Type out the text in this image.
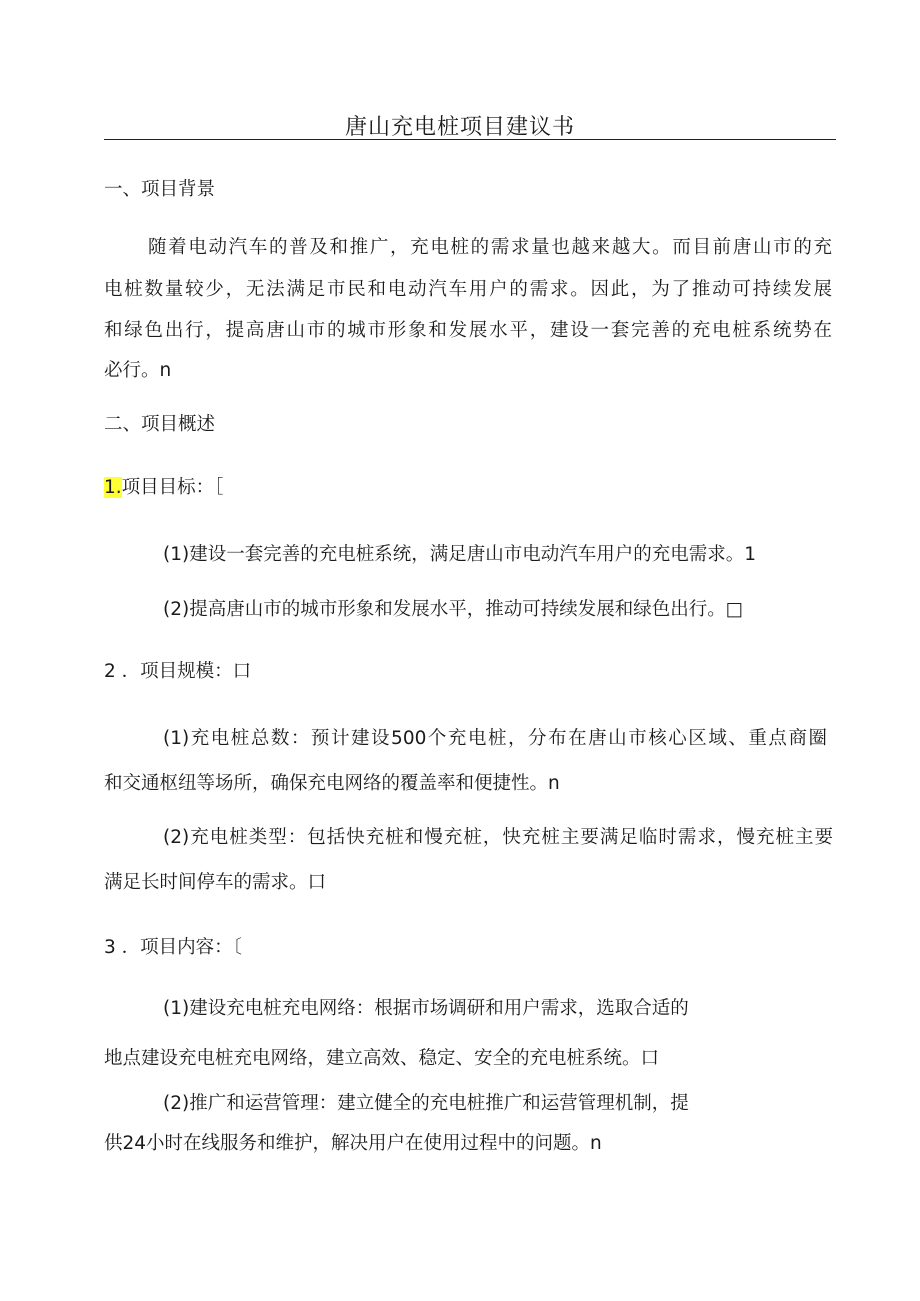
唐山充电桩项目建议书
一、项目背景
随着电动汽车的普及和推广，充电桩的需求量也越来越大。而目前唐山市的充
电桩数量较少，无法满足市民和电动汽车用户的需求。因此，为了推动可持续发展
和绿色出行，提高唐山市的城市形象和发展水平，建设一套完善的充电桩系统势在
必行。n
二、项目概述
1.项目目标：［
(1)建设一套完善的充电桩系统，满足唐山市电动汽车用户的充电需求。1
(2)提高唐山市的城市形象和发展水平，推动可持续发展和绿色出行。□
2 ．项目规模：口
(1)充电桩总数：预计建设500个充电桩，分布在唐山市核心区域、重点商圈
和交通枢纽等场所，确保充电网络的覆盖率和便捷性。n
(2)充电桩类型：包括快充桩和慢充桩，快充桩主要满足临时需求，慢充桩主要
满足长时间停车的需求。口
3 ．项目内容：〔
(1)建设充电桩充电网络：根据市场调研和用户需求，选取合适的
地点建设充电桩充电网络，建立高效、稳定、安全的充电桩系统。口
(2)推广和运营管理：建立健全的充电桩推广和运营管理机制，提
供24小时在线服务和维护，解决用户在使用过程中的问题。n
